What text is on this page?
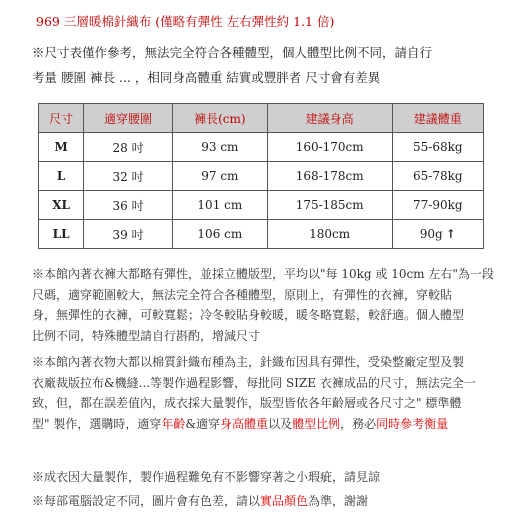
969 三層暖棉針織布 (僅略有彈性 左右彈性約 1.1 倍)
※尺寸表僅作參考，無法完全符合各種體型，個人體型比例不同，請自行
考量 腰圍 褲長 ... ，相同身高體重 結實或豐胖者 尺寸會有差異
尺寸	適穿腰圍	褲長(cm)	建議身高	建議體重
M	28 吋	93 cm	160-170cm	55-68kg
L	32 吋	97 cm	168-178cm	65-78kg
XL	36 吋	101 cm	175-185cm	77-90kg
LL	39 吋	106 cm	180cm	90g ↑
※本館內著衣褲大都略有彈性，並採立體版型，平均以"每 10kg 或 10cm 左右"為一段
尺碼，適穿範圍較大，無法完全符合各種體型，原則上，有彈性的衣褲，穿較貼
身，無彈性的衣褲，可較寬鬆；冷冬較貼身較暖，暖冬略寬鬆，較舒適。個人體型
比例不同，特殊體型請自行斟酌，增減尺寸
※本館內著衣物大都以棉質針織布種為主，針織布因具有彈性，受染整廠定型及製
衣廠裁版拉布&機縫...等製作過程影響，每批同 SIZE 衣褲成品的尺寸，無法完全一
致，但，都在誤差值內，成衣採大量製作，版型皆依各年齡層或各尺寸之" 標準體
型" 製作，選購時，適穿年齡&適穿身高體重以及體型比例，務必同時參考衡量
※成衣因大量製作，製作過程難免有不影響穿著之小瑕疵，請見諒
※每部電腦設定不同，圖片會有色差，請以實品顏色為準，謝謝
